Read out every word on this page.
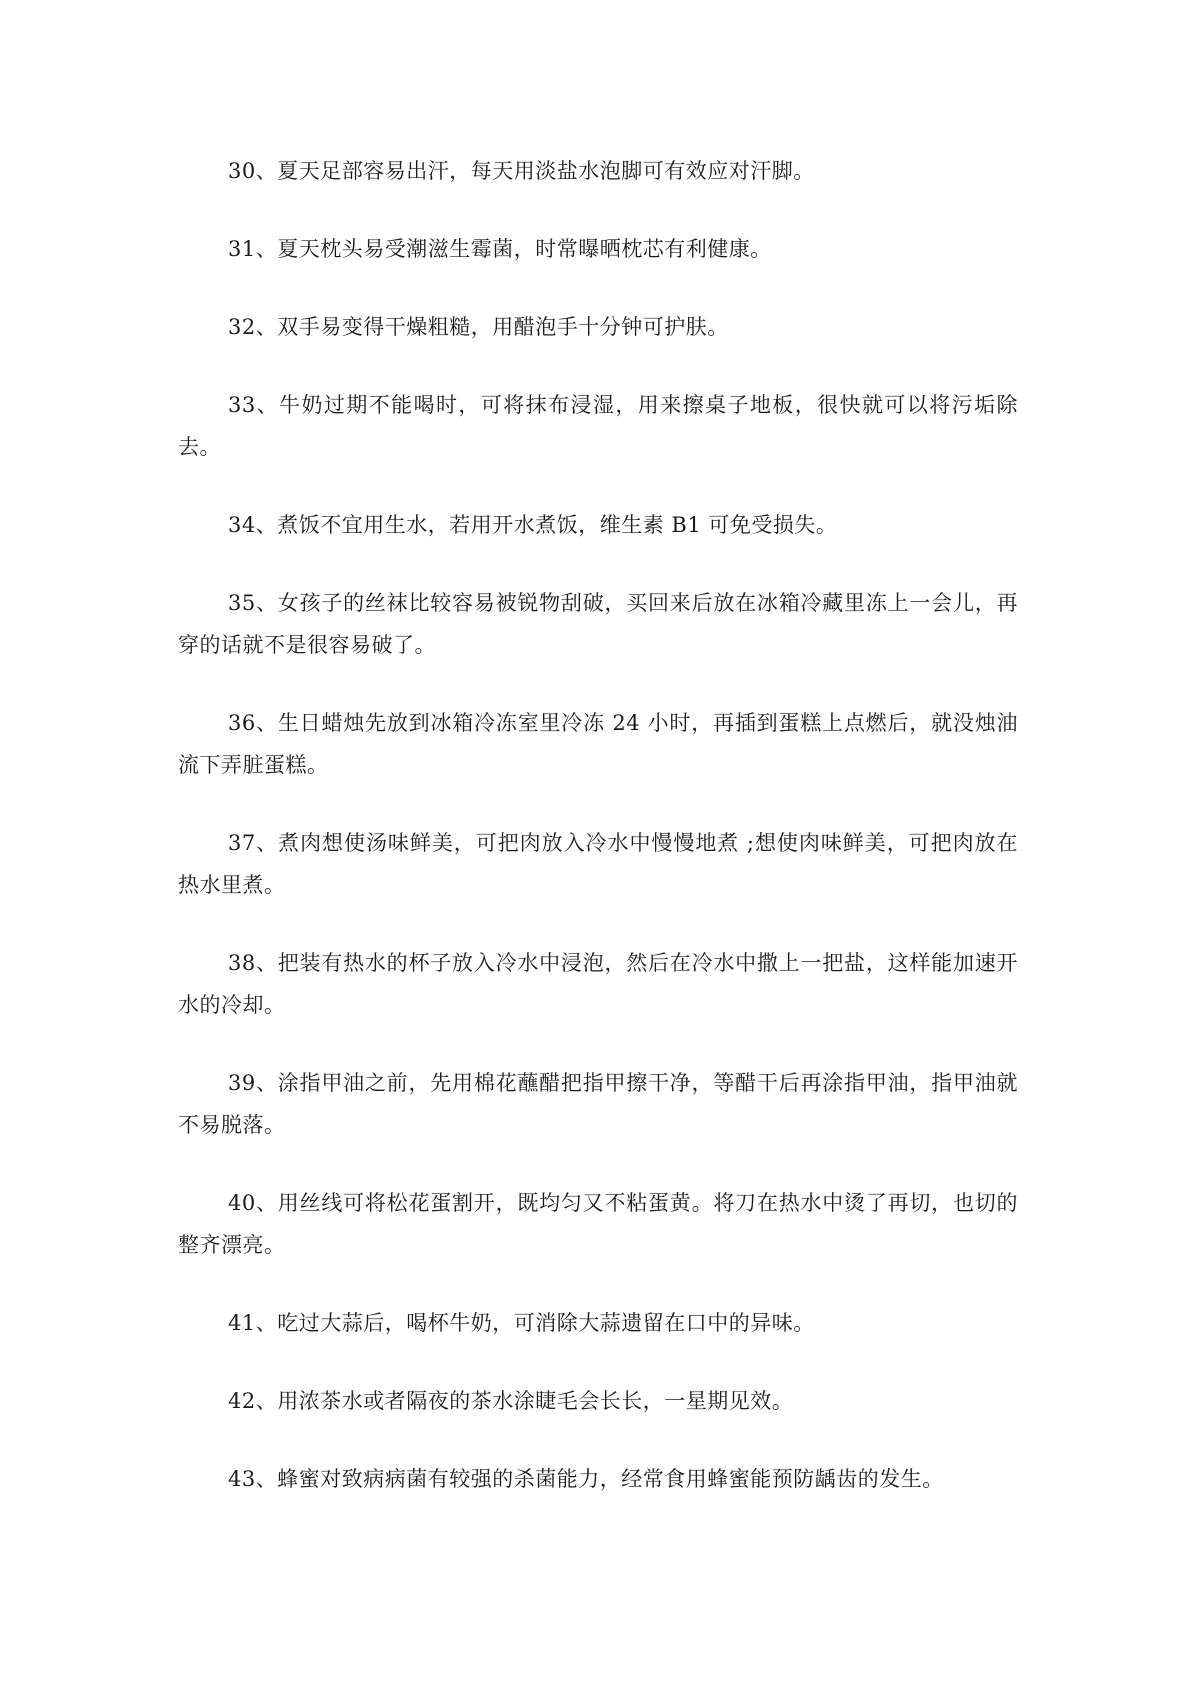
30、夏天足部容易出汗，每天用淡盐水泡脚可有效应对汗脚。

31、夏天枕头易受潮滋生霉菌，时常曝晒枕芯有利健康。

32、双手易变得干燥粗糙，用醋泡手十分钟可护肤。

33、牛奶过期不能喝时，可将抹布浸湿，用来擦桌子地板，很快就可以将污垢除去。

34、煮饭不宜用生水，若用开水煮饭，维生素 B1 可免受损失。

35、女孩子的丝袜比较容易被锐物刮破，买回来后放在冰箱冷藏里冻上一会儿，再穿的话就不是很容易破了。

36、生日蜡烛先放到冰箱冷冻室里冷冻 24 小时，再插到蛋糕上点燃后，就没烛油流下弄脏蛋糕。

37、煮肉想使汤味鲜美，可把肉放入冷水中慢慢地煮 ;想使肉味鲜美，可把肉放在热水里煮。

38、把装有热水的杯子放入冷水中浸泡，然后在冷水中撒上一把盐，这样能加速开水的冷却。

39、涂指甲油之前，先用棉花蘸醋把指甲擦干净，等醋干后再涂指甲油，指甲油就不易脱落。

40、用丝线可将松花蛋割开，既均匀又不粘蛋黄。将刀在热水中烫了再切，也切的整齐漂亮。

41、吃过大蒜后，喝杯牛奶，可消除大蒜遗留在口中的异味。

42、用浓茶水或者隔夜的茶水涂睫毛会长长，一星期见效。

43、蜂蜜对致病病菌有较强的杀菌能力，经常食用蜂蜜能预防龋齿的发生。
